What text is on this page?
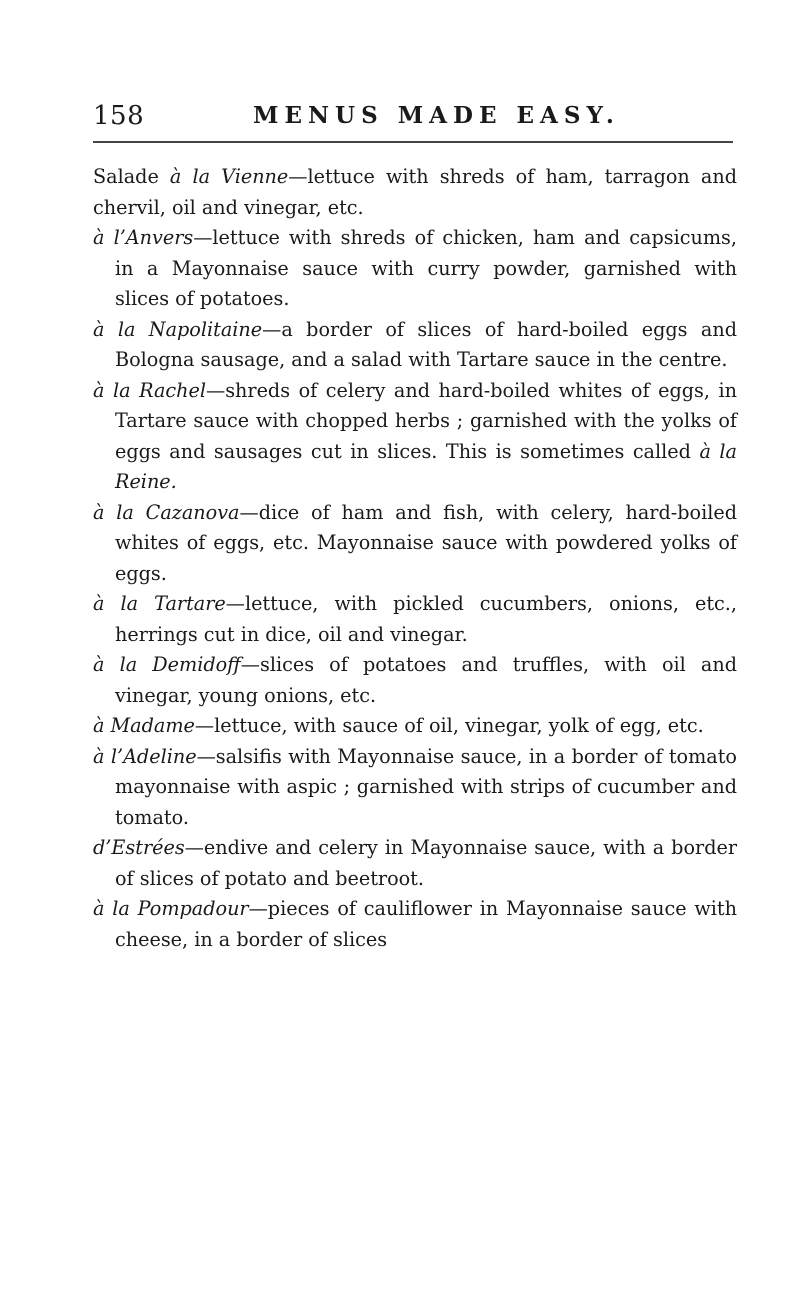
158	MENUS MADE EASY.

Salade à la Vienne—lettuce with shreds of ham, tarragon and chervil, oil and vinegar, etc.

à l’Anvers—lettuce with shreds of chicken, ham and capsicums, in a Mayonnaise sauce with curry powder, garnished with slices of potatoes.

à la Napolitaine—a border of slices of hard-boiled eggs and Bologna sausage, and a salad with Tartare sauce in the centre.

à la Rachel—shreds of celery and hard-boiled whites of eggs, in Tartare sauce with chopped herbs ; garnished with the yolks of eggs and sausages cut in slices. This is sometimes called à la Reine.

à la Cazanova—dice of ham and fish, with celery, hard-boiled whites of eggs, etc. Mayonnaise sauce with powdered yolks of eggs.

à la Tartare—lettuce, with pickled cucumbers, onions, etc., herrings cut in dice, oil and vinegar.

à la Demidoff—slices of potatoes and truffles, with oil and vinegar, young onions, etc.

à Madame—lettuce, with sauce of oil, vinegar, yolk of egg, etc.

à l’Adeline—salsifis with Mayonnaise sauce, in a border of tomato mayonnaise with aspic ; garnished with strips of cucumber and tomato.

d’Estrées—endive and celery in Mayonnaise sauce, with a border of slices of potato and beetroot.

à la Pompadour—pieces of cauliflower in Mayonnaise sauce with cheese, in a border of slices
